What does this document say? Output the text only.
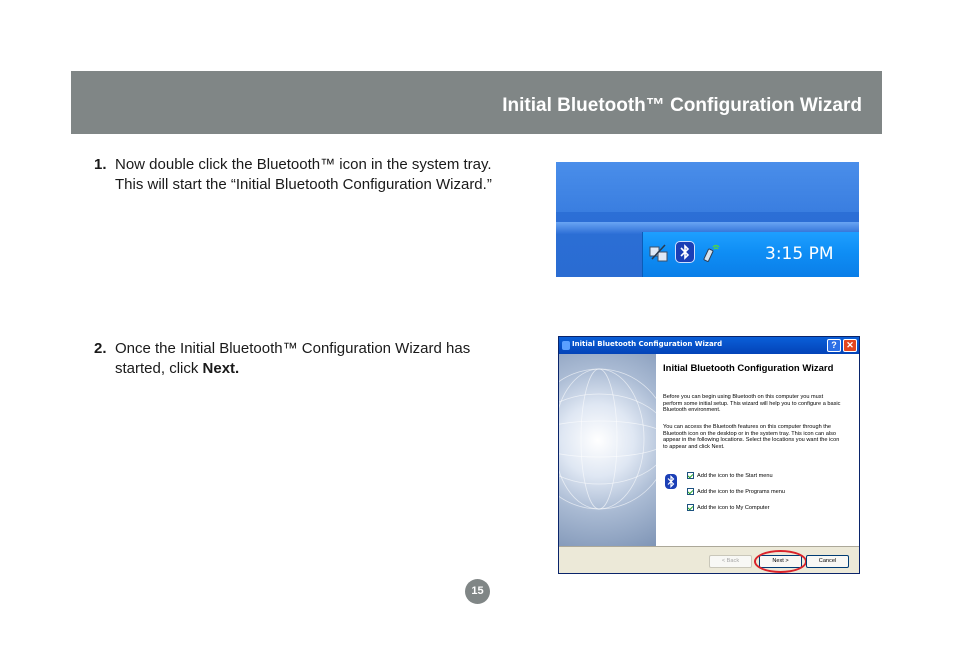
Initial Bluetooth™ Configuration Wizard
1. Now double click the Bluetooth™ icon in the system tray. This will start the “Initial Bluetooth Configuration Wizard.”
2. Once the Initial Bluetooth™ Configuration Wizard has started, click Next.
3:15 PM
Initial Bluetooth Configuration Wizard	?	✕
Initial Bluetooth Configuration Wizard
Before you can begin using Bluetooth on this computer you must perform some initial setup. This wizard will help you to configure a basic Bluetooth environment.
You can access the Bluetooth features on this computer through the Bluetooth icon on the desktop or in the system tray. This icon can also appear in the following locations. Select the locations you want the icon to appear and click Next.
Add the icon to the Start menu
Add the icon to the Programs menu
Add the icon to My Computer
< Back	Next >	Cancel
15
